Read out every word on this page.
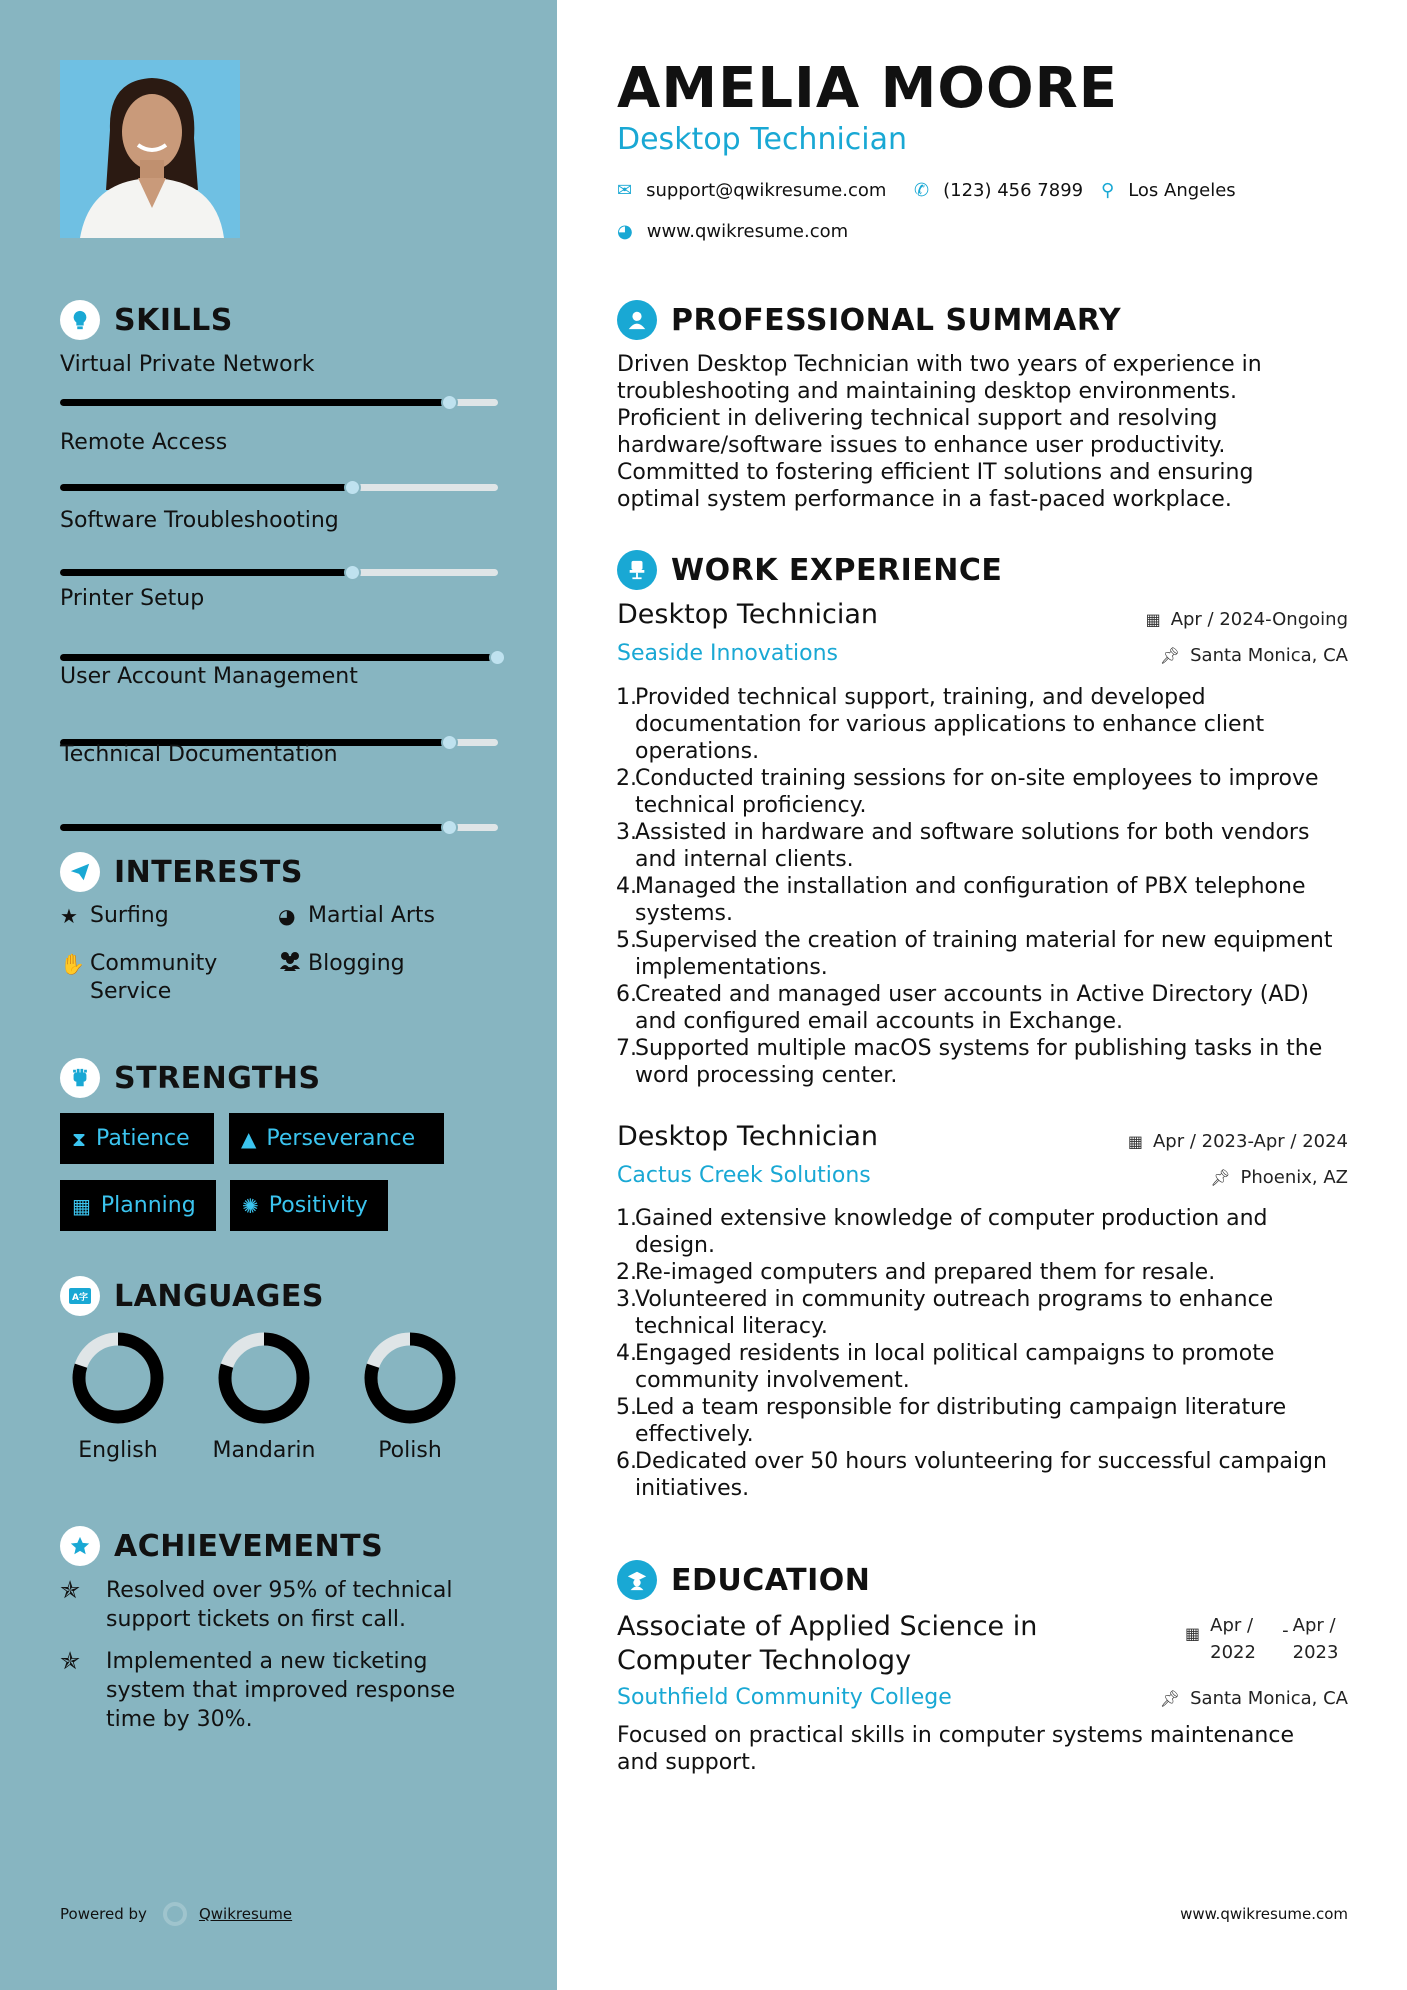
SKILLS
Virtual Private Network
Remote Access
Software Troubleshooting
Printer Setup
User Account Management
Technical Documentation
INTERESTS
★ Surfing	◕ Martial Arts
✋ Community Service
Blogging
STRENGTHS
⧗ Patience	▲ Perseverance
▦ Planning ✺ Positivity
A字 LANGUAGES
English	Mandarin	Polish
ACHIEVEMENTS
✯	Resolved over 95% of technical support tickets on first call.
✯	Implemented a new ticketing system that improved response time by 30%.
Powered by	Qwikresume
AMELIA MOORE
Desktop Technician
✉ support@qwikresume.com ✆ (123) 456 7899 ⚲ Los Angeles
◕ www.qwikresume.com
PROFESSIONAL SUMMARY
Driven Desktop Technician with two years of experience in troubleshooting and maintaining desktop environments. Proficient in delivering technical support and resolving hardware/software issues to enhance user productivity. Committed to fostering efficient IT solutions and ensuring optimal system performance in a fast-paced workplace.
WORK EXPERIENCE
Desktop Technician	▦ Apr / 2024-Ongoing
Seaside Innovations	📌︎ Santa Monica, CA
Provided technical support, training, and developed documentation for various applications to enhance client operations.
Conducted training sessions for on-site employees to improve technical proficiency.
Assisted in hardware and software solutions for both vendors and internal clients.
Managed the installation and configuration of PBX telephone systems.
Supervised the creation of training material for new equipment implementations.
Created and managed user accounts in Active Directory (AD) and configured email accounts in Exchange.
Supported multiple macOS systems for publishing tasks in the word processing center.
Desktop Technician	▦ Apr / 2023-Apr / 2024
Cactus Creek Solutions	📌︎ Phoenix, AZ
Gained extensive knowledge of computer production and design.
Re-imaged computers and prepared them for resale.
Volunteered in community outreach programs to enhance technical literacy.
Engaged residents in local political campaigns to promote community involvement.
Led a team responsible for distributing campaign literature effectively.
Dedicated over 50 hours volunteering for successful campaign initiatives.
EDUCATION
Associate of Applied Science in Computer Technology
▦ Apr / 2022
- Apr / 2023
Southfield Community College	📌︎ Santa Monica, CA
Focused on practical skills in computer systems maintenance and support.
www.qwikresume.com
